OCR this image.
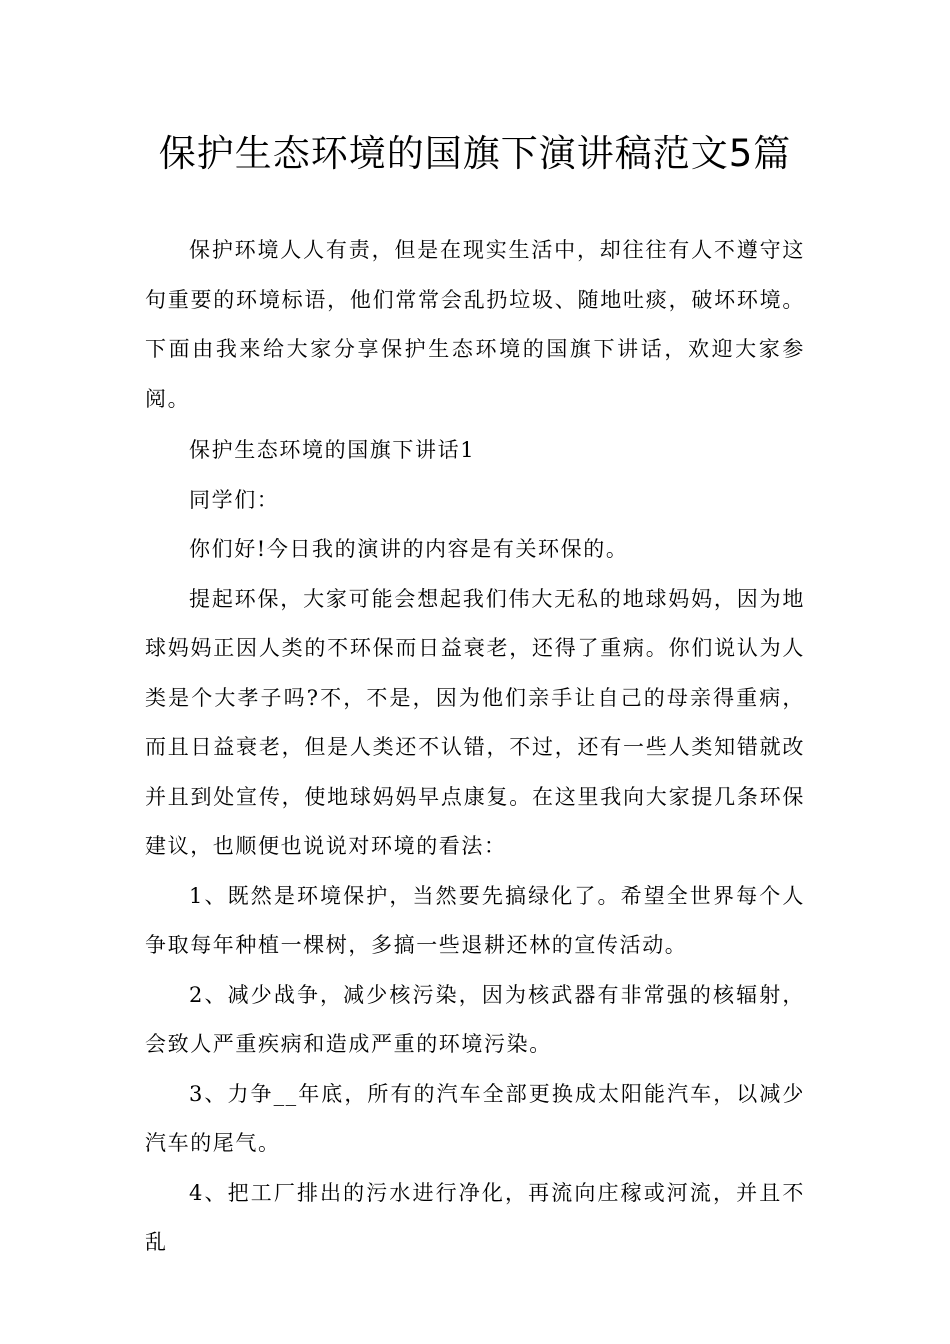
保护生态环境的国旗下演讲稿范文5篇

保护环境人人有责，但是在现实生活中，却往往有人不遵守这句重要的环境标语，他们常常会乱扔垃圾、随地吐痰，破坏环境。下面由我来给大家分享保护生态环境的国旗下讲话，欢迎大家参阅。

保护生态环境的国旗下讲话1

同学们：

你们好!今日我的演讲的内容是有关环保的。

提起环保，大家可能会想起我们伟大无私的地球妈妈，因为地球妈妈正因人类的不环保而日益衰老，还得了重病。你们说认为人类是个大孝子吗?不，不是，因为他们亲手让自己的母亲得重病，而且日益衰老，但是人类还不认错，不过，还有一些人类知错就改并且到处宣传，使地球妈妈早点康复。在这里我向大家提几条环保建议，也顺便也说说对环境的看法：

1、既然是环境保护，当然要先搞绿化了。希望全世界每个人争取每年种植一棵树，多搞一些退耕还林的宣传活动。

2、减少战争，减少核污染，因为核武器有非常强的核辐射，会致人严重疾病和造成严重的环境污染。

3、力争__年底，所有的汽车全部更换成太阳能汽车，以减少汽车的尾气。

4、把工厂排出的污水进行净化，再流向庄稼或河流，并且不乱
